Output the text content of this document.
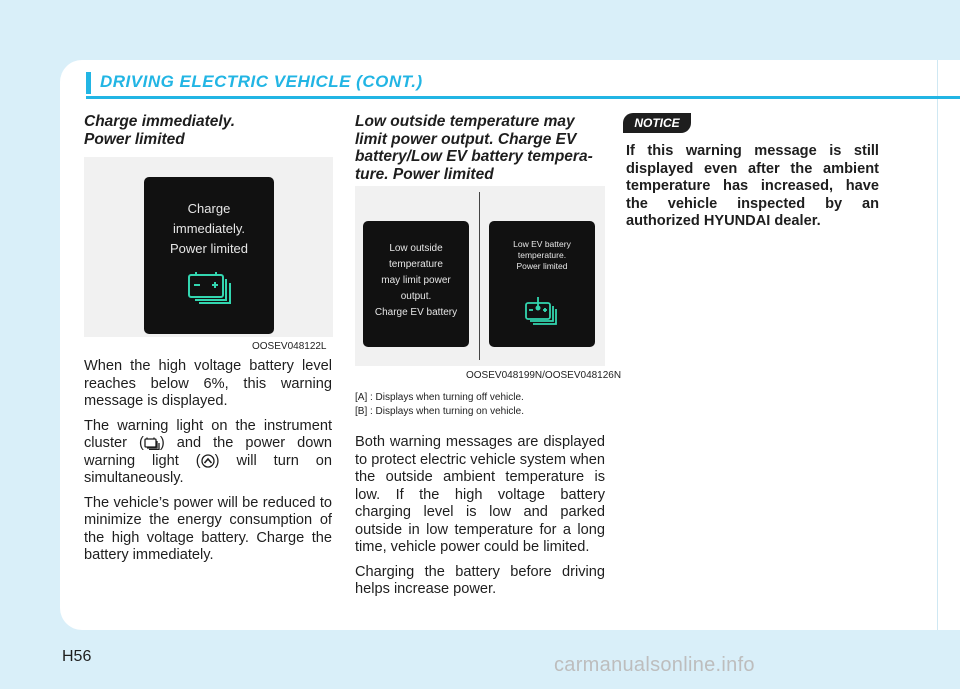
DRIVING ELECTRIC VEHICLE (CONT.)
Charge immediately.
Power limited
Charge
immediately.
Power limited
OOSEV048122L

When the high voltage battery level reaches below 6%, this warning message is displayed.

The warning light on the instrument cluster ( ) and the power down warning light ( ) will turn on simultaneously.

The vehicle’s power will be reduced to minimize the energy consumption of the high voltage battery. Charge the battery immediately.

Low outside temperature may
limit power output. Charge EV
battery/Low EV battery tempera-
ture. Power limited
Low outside
temperature
may limit power
output.
Charge EV battery
Low EV battery
temperature.
Power limited
OOSEV048199N/OOSEV048126N
[A] : Displays when turning off vehicle.
[B] : Displays when turning on vehicle.

Both warning messages are displayed to protect electric vehicle system when the outside ambient temperature is low. If the high voltage battery charging level is low and parked outside in low temperature for a long time, vehicle power could be limited.

Charging the battery before driving helps increase power.

NOTICE
If this warning message is still displayed even after the ambient temperature has increased, have the vehicle inspected by an authorized HYUNDAI dealer.
H56	carmanualsonline.info
